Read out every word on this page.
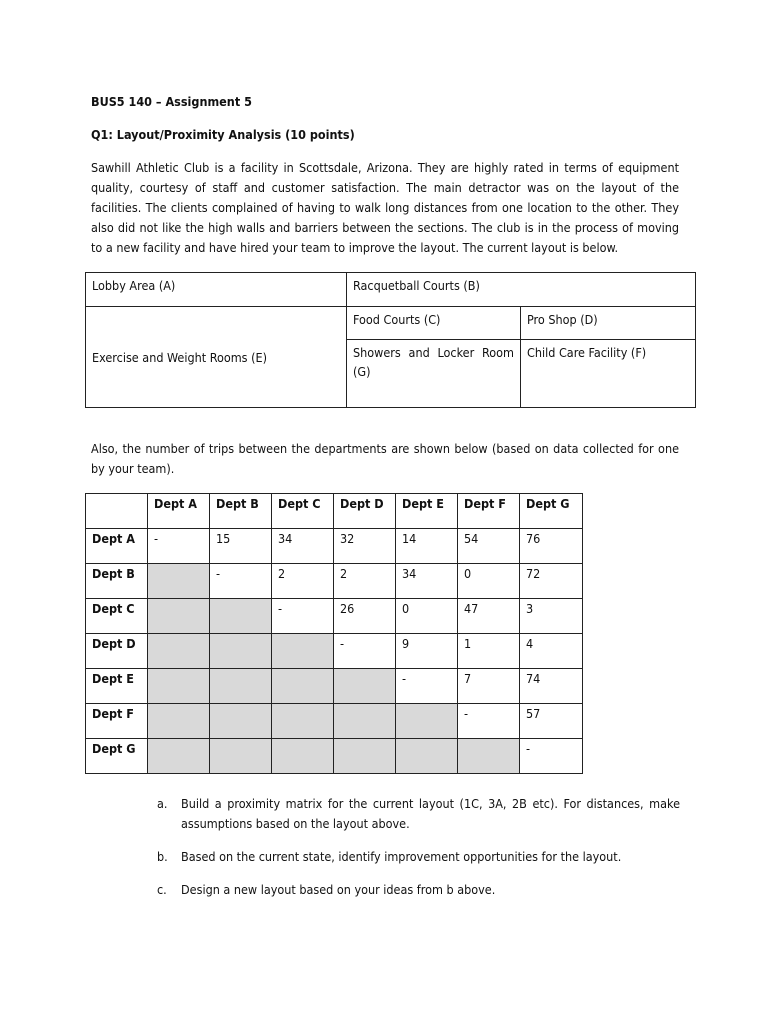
BUS5 140 – Assignment 5

Q1: Layout/Proximity Analysis (10 points)

Sawhill Athletic Club is a facility in Scottsdale, Arizona. They are highly rated in terms of equipment quality, courtesy of staff and customer satisfaction. The main detractor was on the layout of the facilities. The clients complained of having to walk long distances from one location to the other. They also did not like the high walls and barriers between the sections. The club is in the process of moving to a new facility and have hired your team to improve the layout. The current layout is below.

Lobby Area (A)	Racquetball Courts (B)	
Exercise and Weight Rooms (E)	Food Courts (C)	Pro Shop (D)
	Showers and Locker Room (G)	Child Care Facility (F)

Also, the number of trips between the departments are shown below (based on data collected for one by your team).

	Dept A	Dept B	Dept C	Dept D	Dept E	Dept F	Dept G
Dept A	-	15	34	32	14	54	76
Dept B		-	2	2	34	0	72
Dept C			-	26	0	47	3
Dept D				-	9	1	4
Dept E					-	7	74
Dept F						-	57
Dept G							-
a. Build a proximity matrix for the current layout (1C, 3A, 2B etc). For distances, make assumptions based on the layout above.
b. Based on the current state, identify improvement opportunities for the layout.
c. Design a new layout based on your ideas from b above.
